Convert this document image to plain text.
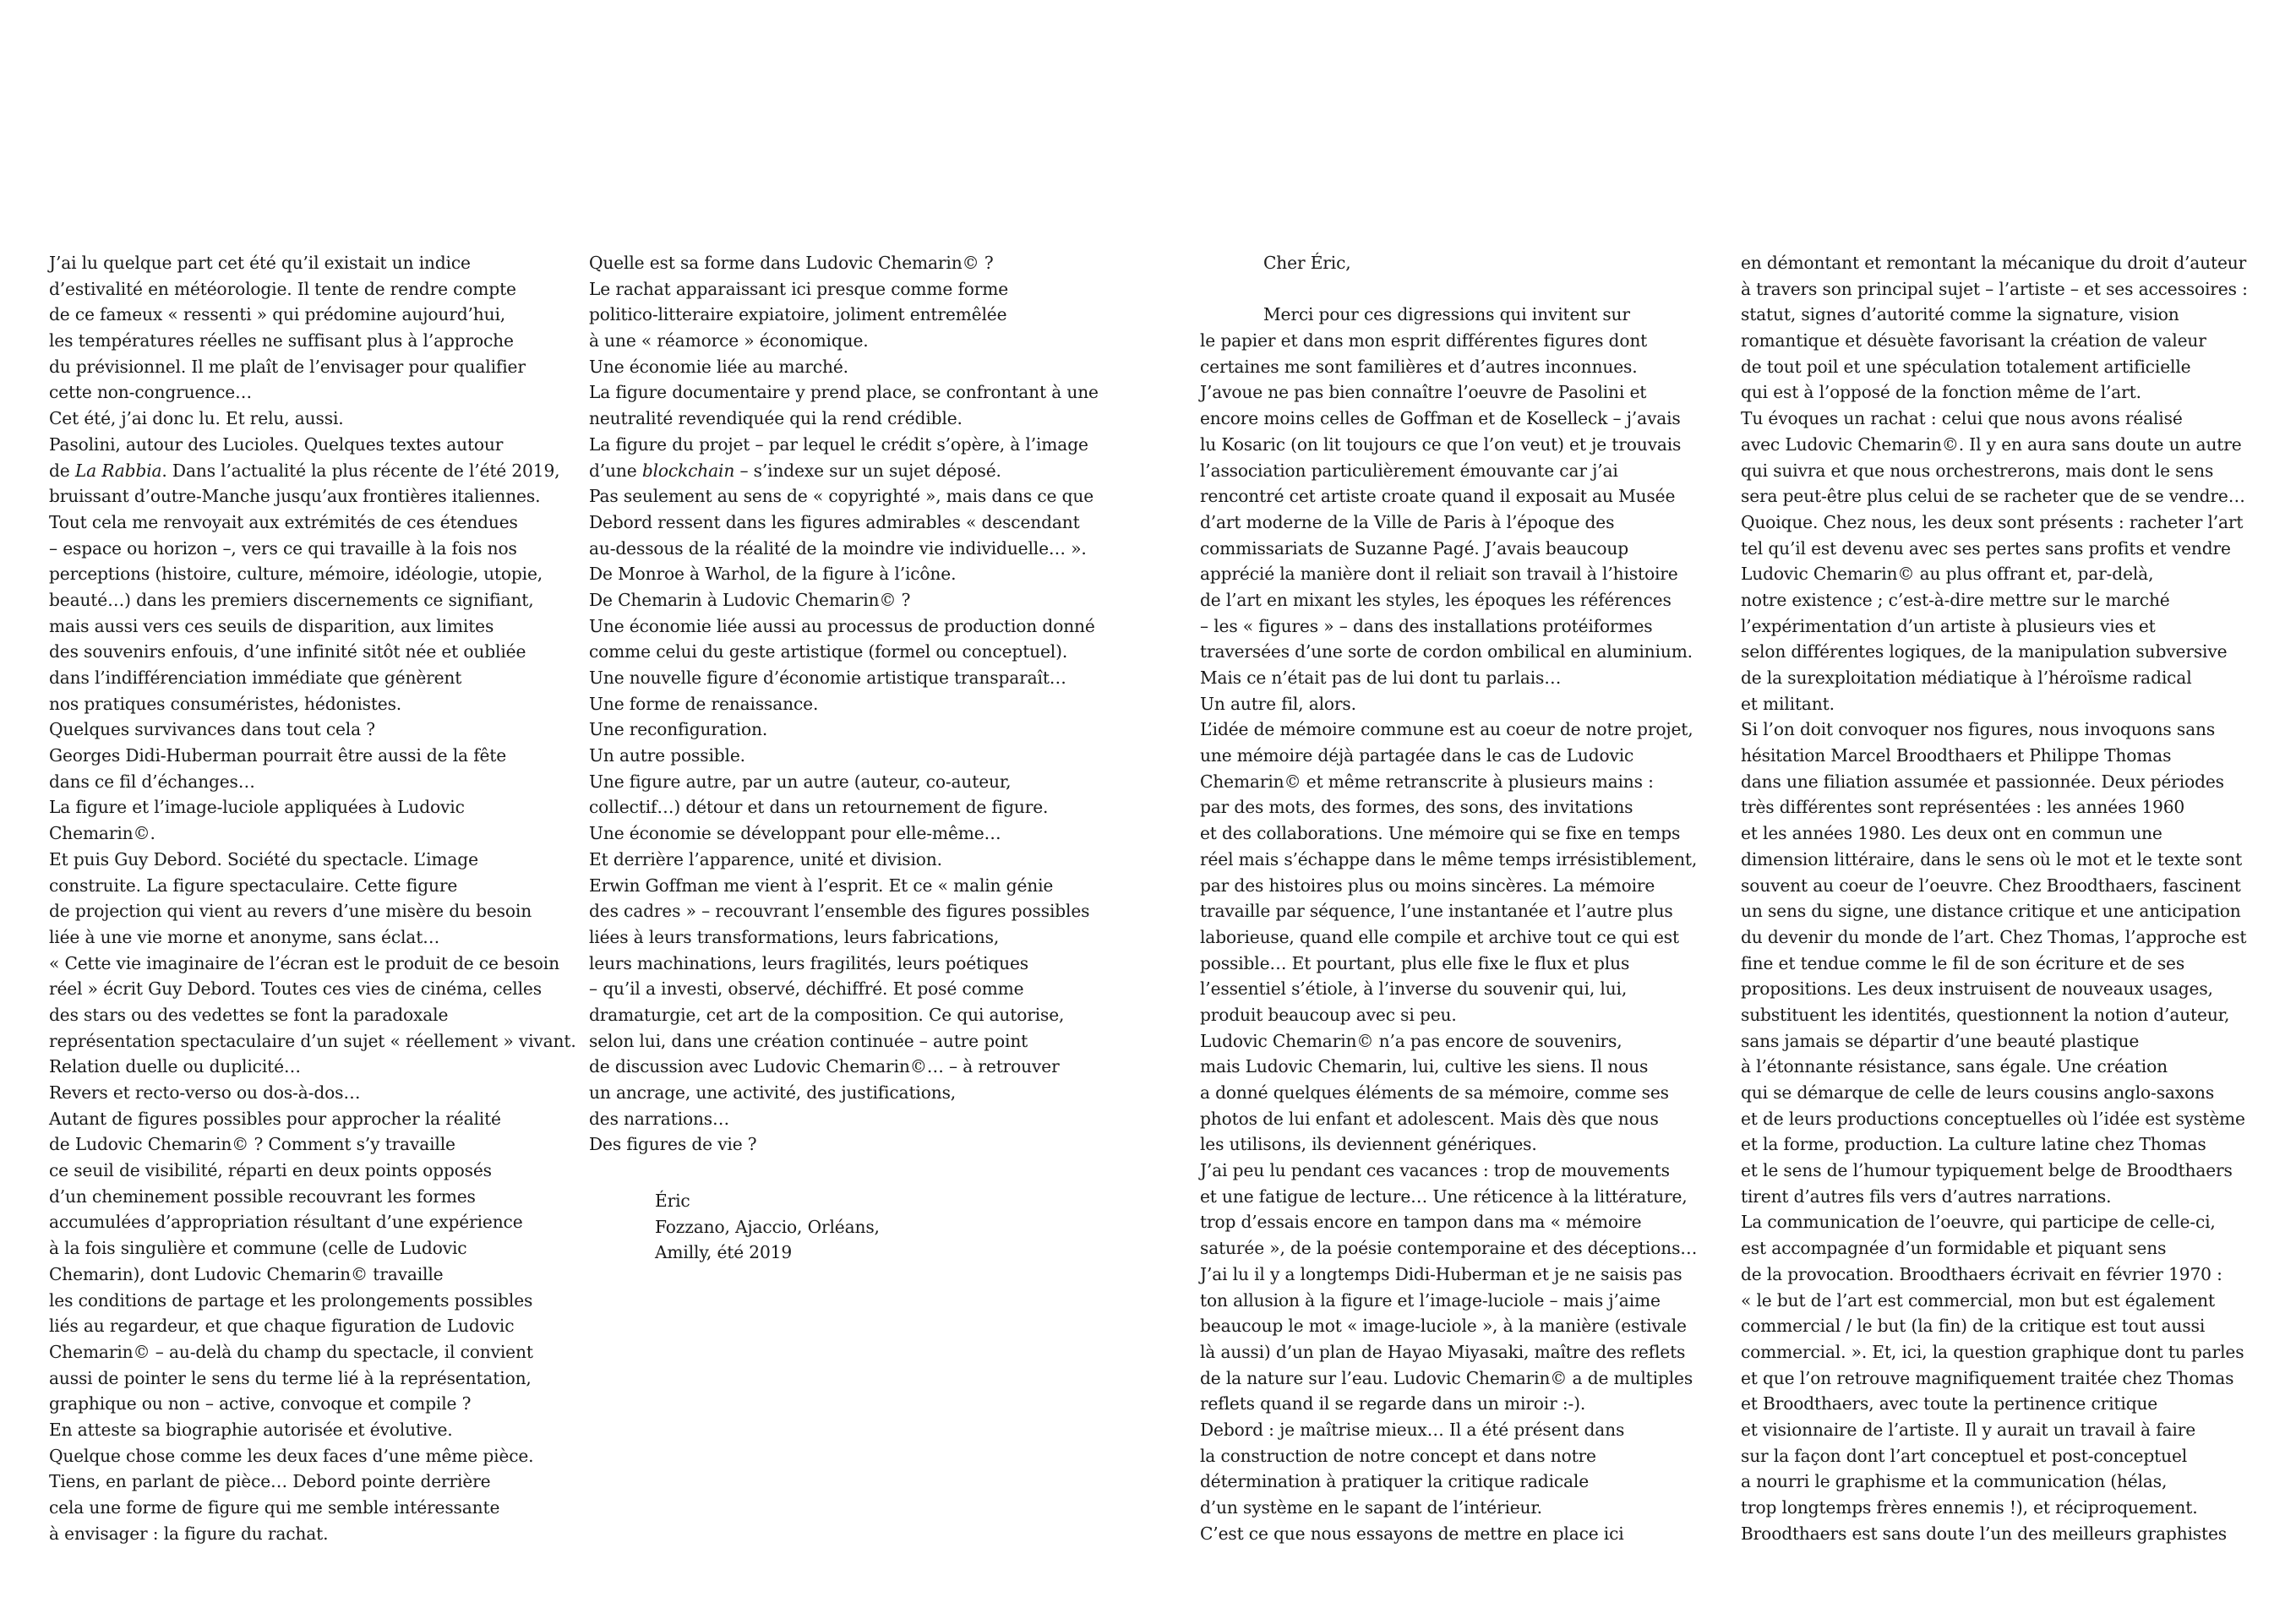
J’ai lu quelque part cet été qu’il existait un indice
d’estivalité en météorologie. Il tente de rendre compte
de ce fameux « ressenti » qui prédomine aujourd’hui,
les températures réelles ne suffisant plus à l’approche
du prévisionnel. Il me plaît de l’envisager pour qualifier
cette non-congruence…
Cet été, j’ai donc lu. Et relu, aussi.
Pasolini, autour des Lucioles. Quelques textes autour
de La Rabbia. Dans l’actualité la plus récente de l’été 2019,
bruissant d’outre-Manche jusqu’aux frontières italiennes.
Tout cela me renvoyait aux extrémités de ces étendues
– espace ou horizon –, vers ce qui travaille à la fois nos
perceptions (histoire, culture, mémoire, idéologie, utopie,
beauté…) dans les premiers discernements ce signifiant,
mais aussi vers ces seuils de disparition, aux limites
des souvenirs enfouis, d’une infinité sitôt née et oubliée
dans l’indifférenciation immédiate que génèrent
nos pratiques consuméristes, hédonistes.
Quelques survivances dans tout cela ?
Georges Didi-Huberman pourrait être aussi de la fête
dans ce fil d’échanges…
La figure et l’image-luciole appliquées à Ludovic
Chemarin©.
Et puis Guy Debord. Société du spectacle. L’image
construite. La figure spectaculaire. Cette figure
de projection qui vient au revers d’une misère du besoin
liée à une vie morne et anonyme, sans éclat…
« Cette vie imaginaire de l’écran est le produit de ce besoin
réel » écrit Guy Debord. Toutes ces vies de cinéma, celles
des stars ou des vedettes se font la paradoxale
représentation spectaculaire d’un sujet « réellement » vivant.
Relation duelle ou duplicité…
Revers et recto-verso ou dos-à-dos…
Autant de figures possibles pour approcher la réalité
de Ludovic Chemarin© ? Comment s’y travaille
ce seuil de visibilité, réparti en deux points opposés
d’un cheminement possible recouvrant les formes
accumulées d’appropriation résultant d’une expérience
à la fois singulière et commune (celle de Ludovic
Chemarin), dont Ludovic Chemarin© travaille
les conditions de partage et les prolongements possibles
liés au regardeur, et que chaque figuration de Ludovic
Chemarin© – au-delà du champ du spectacle, il convient
aussi de pointer le sens du terme lié à la représentation,
graphique ou non – active, convoque et compile ?
En atteste sa biographie autorisée et évolutive.
Quelque chose comme les deux faces d’une même pièce.
Tiens, en parlant de pièce… Debord pointe derrière
cela une forme de figure qui me semble intéressante
à envisager : la figure du rachat.
Quelle est sa forme dans Ludovic Chemarin© ?
Le rachat apparaissant ici presque comme forme
politico-litteraire expiatoire, joliment entremêlée
à une « réamorce » économique.
Une économie liée au marché.
La figure documentaire y prend place, se confrontant à une
neutralité revendiquée qui la rend crédible.
La figure du projet – par lequel le crédit s’opère, à l’image
d’une blockchain – s’indexe sur un sujet déposé.
Pas seulement au sens de « copyrighté », mais dans ce que
Debord ressent dans les figures admirables « descendant
au-dessous de la réalité de la moindre vie individuelle… ».
De Monroe à Warhol, de la figure à l’icône.
De Chemarin à Ludovic Chemarin© ?
Une économie liée aussi au processus de production donné
comme celui du geste artistique (formel ou conceptuel).
Une nouvelle figure d’économie artistique transparaît…
Une forme de renaissance.
Une reconfiguration.
Un autre possible.
Une figure autre, par un autre (auteur, co-auteur,
collectif…) détour et dans un retournement de figure.
Une économie se développant pour elle-même…
Et derrière l’apparence, unité et division.
Erwin Goffman me vient à l’esprit. Et ce « malin génie
des cadres » – recouvrant l’ensemble des figures possibles
liées à leurs transformations, leurs fabrications,
leurs machinations, leurs fragilités, leurs poétiques
– qu’il a investi, observé, déchiffré. Et posé comme
dramaturgie, cet art de la composition. Ce qui autorise,
selon lui, dans une création continuée – autre point
de discussion avec Ludovic Chemarin©… – à retrouver
un ancrage, une activité, des justifications,
des narrations…
Des figures de vie ?
Éric
Fozzano, Ajaccio, Orléans,
Amilly, été 2019
Cher Éric,
Merci pour ces digressions qui invitent sur
le papier et dans mon esprit différentes figures dont
certaines me sont familières et d’autres inconnues.
J’avoue ne pas bien connaître l’oeuvre de Pasolini et
encore moins celles de Goffman et de Koselleck – j’avais
lu Kosaric (on lit toujours ce que l’on veut) et je trouvais
l’association particulièrement émouvante car j’ai
rencontré cet artiste croate quand il exposait au Musée
d’art moderne de la Ville de Paris à l’époque des
commissariats de Suzanne Pagé. J’avais beaucoup
apprécié la manière dont il reliait son travail à l’histoire
de l’art en mixant les styles, les époques les références
– les « figures » – dans des installations protéiformes
traversées d’une sorte de cordon ombilical en aluminium.
Mais ce n’était pas de lui dont tu parlais…
Un autre fil, alors.
L’idée de mémoire commune est au coeur de notre projet,
une mémoire déjà partagée dans le cas de Ludovic
Chemarin© et même retranscrite à plusieurs mains :
par des mots, des formes, des sons, des invitations
et des collaborations. Une mémoire qui se fixe en temps
réel mais s’échappe dans le même temps irrésistiblement,
par des histoires plus ou moins sincères. La mémoire
travaille par séquence, l’une instantanée et l’autre plus
laborieuse, quand elle compile et archive tout ce qui est
possible… Et pourtant, plus elle fixe le flux et plus
l’essentiel s’étiole, à l’inverse du souvenir qui, lui,
produit beaucoup avec si peu.
Ludovic Chemarin© n’a pas encore de souvenirs,
mais Ludovic Chemarin, lui, cultive les siens. Il nous
a donné quelques éléments de sa mémoire, comme ses
photos de lui enfant et adolescent. Mais dès que nous
les utilisons, ils deviennent génériques.
J’ai peu lu pendant ces vacances : trop de mouvements
et une fatigue de lecture… Une réticence à la littérature,
trop d’essais encore en tampon dans ma « mémoire
saturée », de la poésie contemporaine et des déceptions…
J’ai lu il y a longtemps Didi-Huberman et je ne saisis pas
ton allusion à la figure et l’image-luciole – mais j’aime
beaucoup le mot « image-luciole », à la manière (estivale
là aussi) d’un plan de Hayao Miyasaki, maître des reflets
de la nature sur l’eau. Ludovic Chemarin© a de multiples
reflets quand il se regarde dans un miroir :-).
Debord : je maîtrise mieux… Il a été présent dans
la construction de notre concept et dans notre
détermination à pratiquer la critique radicale
d’un système en le sapant de l’intérieur.
C’est ce que nous essayons de mettre en place ici
en démontant et remontant la mécanique du droit d’auteur
à travers son principal sujet – l’artiste – et ses accessoires :
statut, signes d’autorité comme la signature, vision
romantique et désuète favorisant la création de valeur
de tout poil et une spéculation totalement artificielle
qui est à l’opposé de la fonction même de l’art.
Tu évoques un rachat : celui que nous avons réalisé
avec Ludovic Chemarin©. Il y en aura sans doute un autre
qui suivra et que nous orchestrerons, mais dont le sens
sera peut-être plus celui de se racheter que de se vendre…
Quoique. Chez nous, les deux sont présents : racheter l’art
tel qu’il est devenu avec ses pertes sans profits et vendre
Ludovic Chemarin© au plus offrant et, par-delà,
notre existence ; c’est-à-dire mettre sur le marché
l’expérimentation d’un artiste à plusieurs vies et
selon différentes logiques, de la manipulation subversive
de la surexploitation médiatique à l’héroïsme radical
et militant.
Si l’on doit convoquer nos figures, nous invoquons sans
hésitation Marcel Broodthaers et Philippe Thomas
dans une filiation assumée et passionnée. Deux périodes
très différentes sont représentées : les années 1960
et les années 1980. Les deux ont en commun une
dimension littéraire, dans le sens où le mot et le texte sont
souvent au coeur de l’oeuvre. Chez Broodthaers, fascinent
un sens du signe, une distance critique et une anticipation
du devenir du monde de l’art. Chez Thomas, l’approche est
fine et tendue comme le fil de son écriture et de ses
propositions. Les deux instruisent de nouveaux usages,
substituent les identités, questionnent la notion d’auteur,
sans jamais se départir d’une beauté plastique
à l’étonnante résistance, sans égale. Une création
qui se démarque de celle de leurs cousins anglo-saxons
et de leurs productions conceptuelles où l’idée est système
et la forme, production. La culture latine chez Thomas
et le sens de l’humour typiquement belge de Broodthaers
tirent d’autres fils vers d’autres narrations.
La communication de l’oeuvre, qui participe de celle-ci,
est accompagnée d’un formidable et piquant sens
de la provocation. Broodthaers écrivait en février 1970 :
« le but de l’art est commercial, mon but est également
commercial / le but (la fin) de la critique est tout aussi
commercial. ». Et, ici, la question graphique dont tu parles
et que l’on retrouve magnifiquement traitée chez Thomas
et Broodthaers, avec toute la pertinence critique
et visionnaire de l’artiste. Il y aurait un travail à faire
sur la façon dont l’art conceptuel et post-conceptuel
a nourri le graphisme et la communication (hélas,
trop longtemps frères ennemis !), et réciproquement.
Broodthaers est sans doute l’un des meilleurs graphistes
